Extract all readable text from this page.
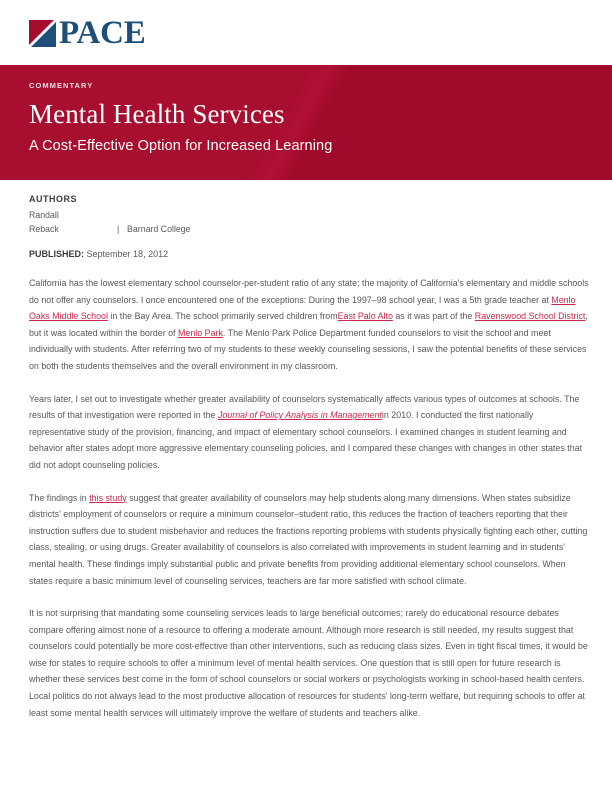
PACE
COMMENTARY
Mental Health Services
A Cost-Effective Option for Increased Learning
AUTHORS
Randall
Reback	| Barnard College
PUBLISHED: September 18, 2012

California has the lowest elementary school counselor-per-student ratio of any state; the majority of California's elementary and middle schools do not offer any counselors. I once encountered one of the exceptions: During the 1997–98 school year, I was a 5th grade teacher at Menlo Oaks Middle School in the Bay Area. The school primarily served children fromEast Palo Alto as it was part of the Ravenswood School District, but it was located within the border of Menlo Park. The Menlo Park Police Department funded counselors to visit the school and meet individually with students. After referring two of my students to these weekly counseling sessions, I saw the potential benefits of these services on both the students themselves and the overall environment in my classroom.

Years later, I set out to investigate whether greater availability of counselors systematically affects various types of outcomes at schools. The results of that investigation were reported in the Journal of Policy Analysis in Managementin 2010. I conducted the first nationally representative study of the provision, financing, and impact of elementary school counselors. I examined changes in student learning and behavior after states adopt more aggressive elementary counseling policies, and I compared these changes with changes in other states that did not adopt counseling policies.

The findings in this study suggest that greater availability of counselors may help students along many dimensions. When states subsidize districts' employment of counselors or require a minimum counselor–student ratio, this reduces the fraction of teachers reporting that their instruction suffers due to student misbehavior and reduces the fractions reporting problems with students physically fighting each other, cutting class, stealing, or using drugs. Greater availability of counselors is also correlated with improvements in student learning and in students' mental health. These findings imply substantial public and private benefits from providing additional elementary school counselors. When states require a basic minimum level of counseling services, teachers are far more satisfied with school climate.

It is not surprising that mandating some counseling services leads to large beneficial outcomes; rarely do educational resource debates compare offering almost none of a resource to offering a moderate amount. Although more research is still needed, my results suggest that counselors could potentially be more cost-effective than other interventions, such as reducing class sizes. Even in tight fiscal times, it would be wise for states to require schools to offer a minimum level of mental health services. One question that is still open for future research is whether these services best come in the form of school counselors or social workers or psychologists working in school-based health centers. Local politics do not always lead to the most productive allocation of resources for students' long-term welfare, but requiring schools to offer at least some mental health services will ultimately improve the welfare of students and teachers alike.
